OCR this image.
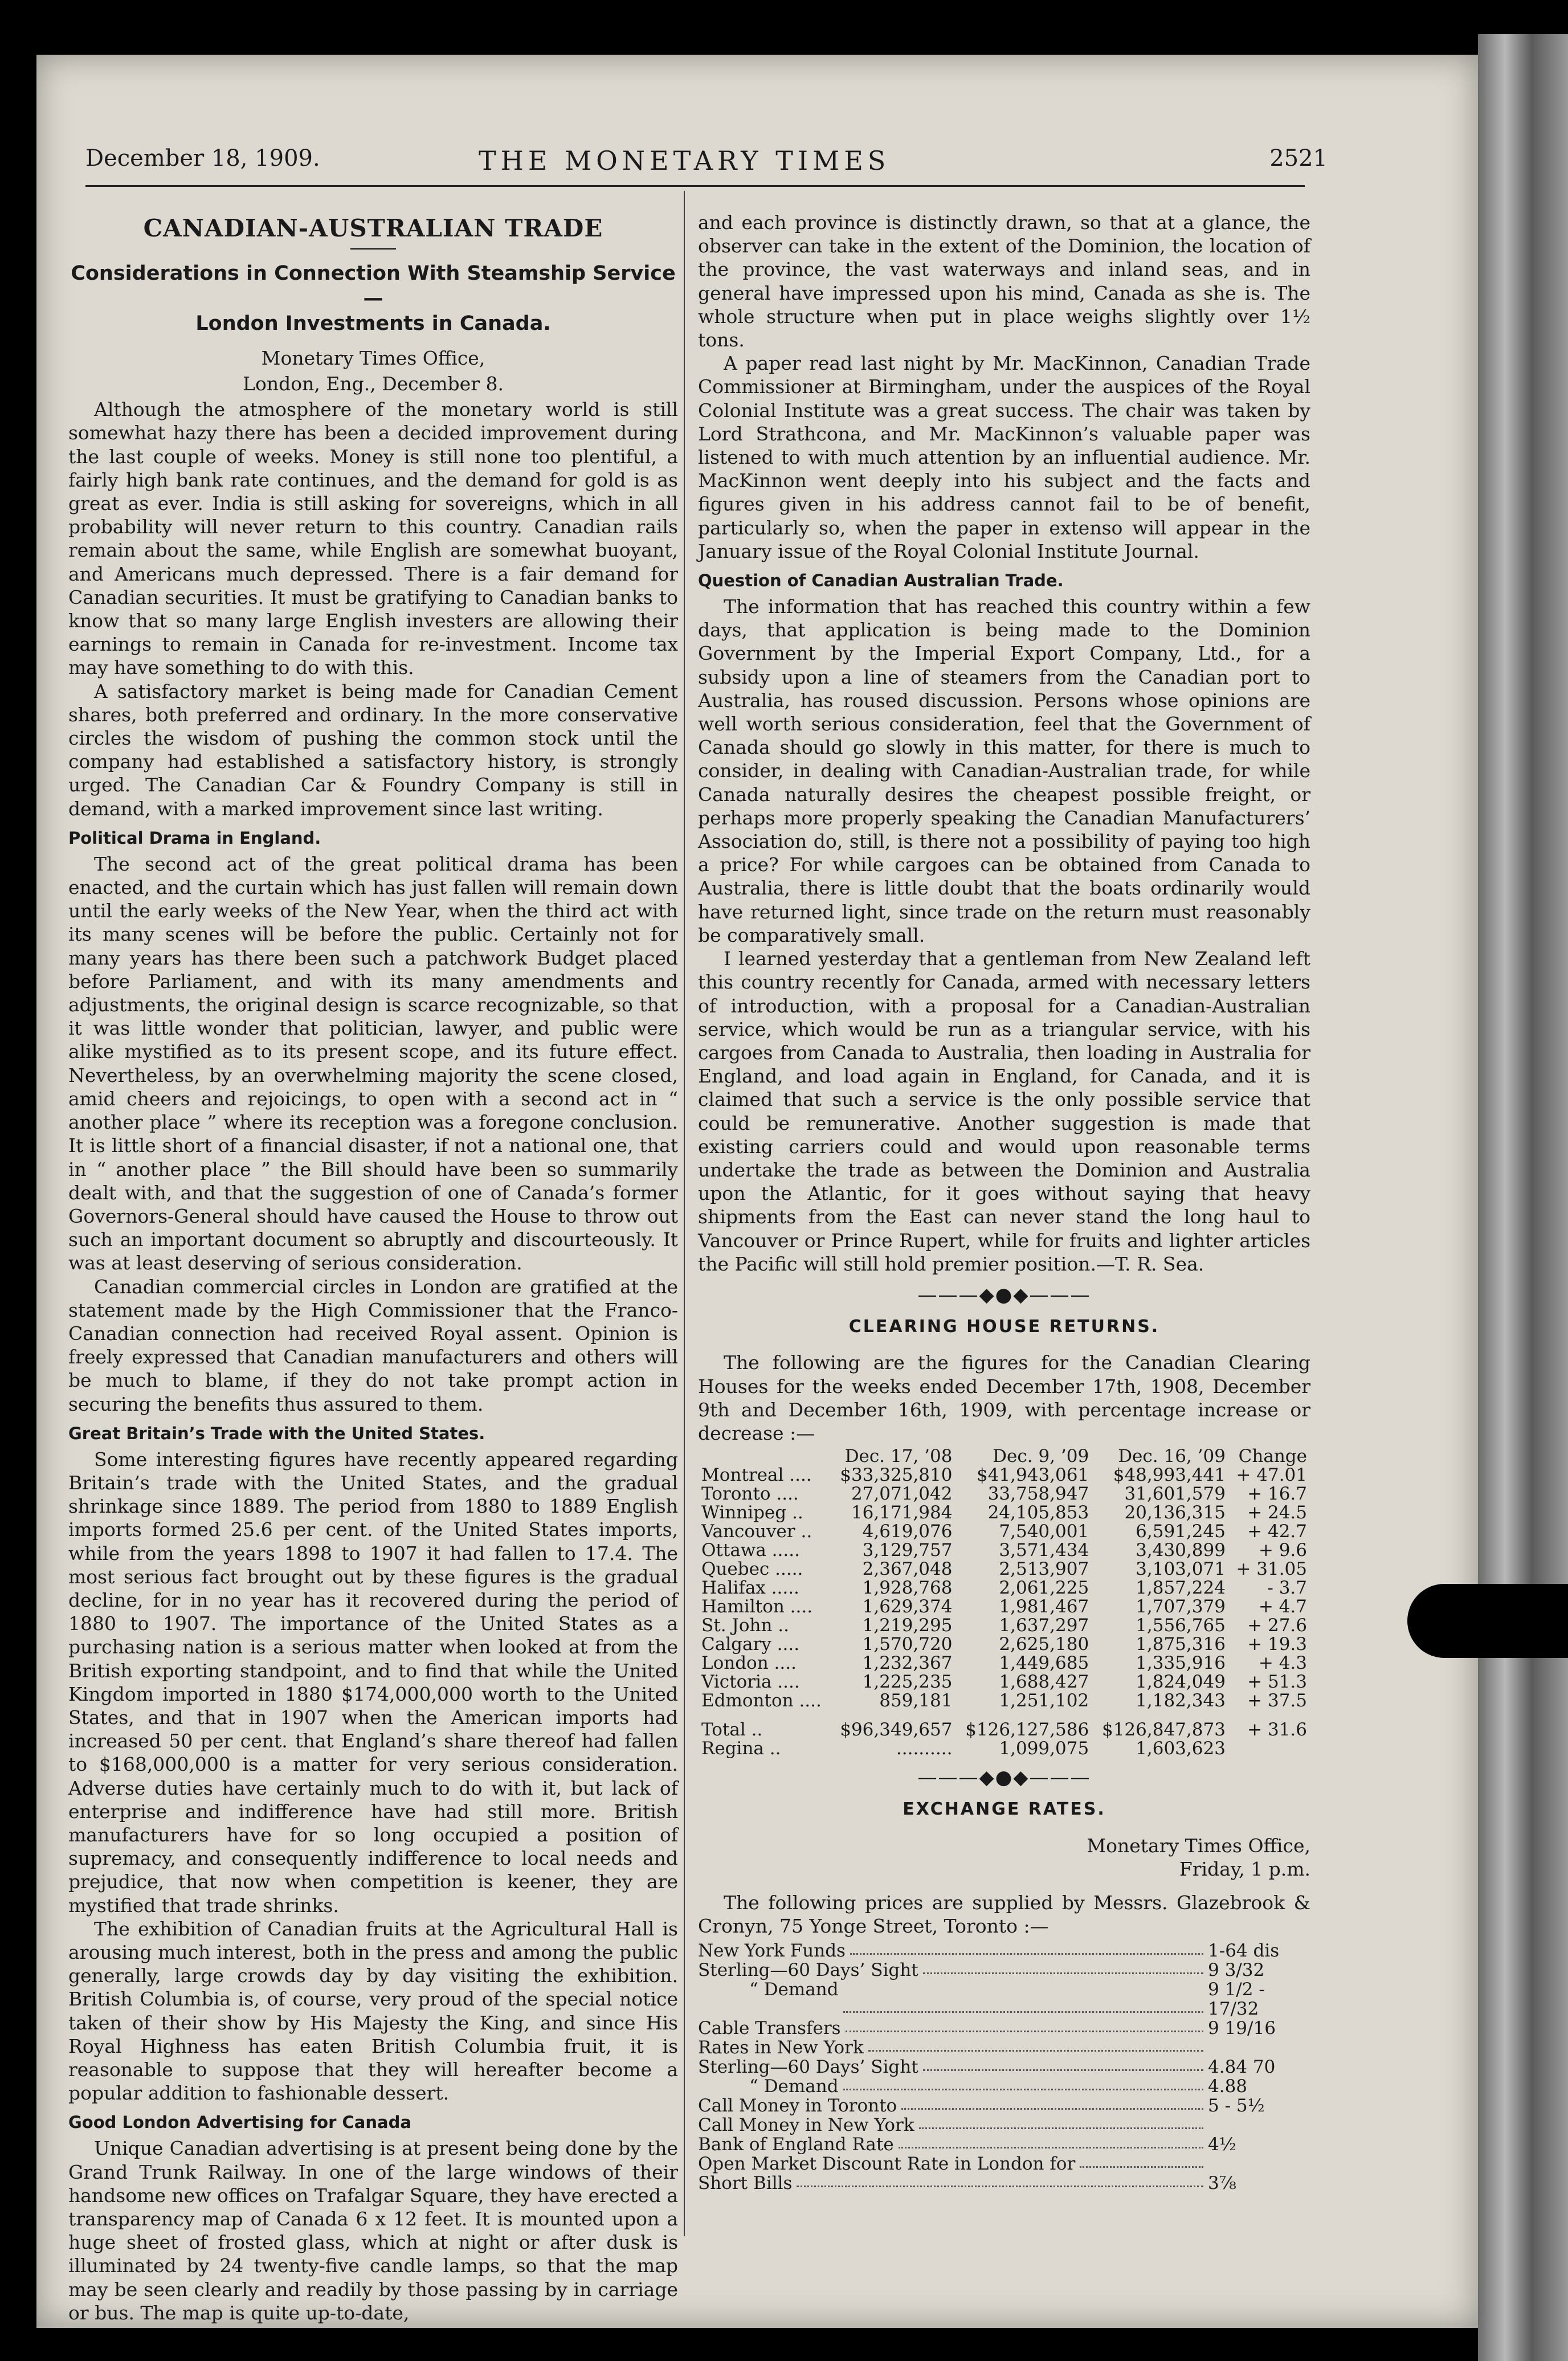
December 18, 1909.	THE MONETARY TIMES	2521
CANADIAN-AUSTRALIAN TRADE
Considerations in Connection With Steamship Service—
London Investments in Canada.
Monetary Times Office,
London, Eng., December 8.

Although the atmosphere of the monetary world is still somewhat hazy there has been a decided improvement during the last couple of weeks. Money is still none too plentiful, a fairly high bank rate continues, and the demand for gold is as great as ever. India is still asking for sovereigns, which in all probability will never return to this country. Canadian rails remain about the same, while English are somewhat buoyant, and Americans much depressed. There is a fair demand for Canadian securities. It must be gratifying to Canadian banks to know that so many large English investers are allowing their earnings to remain in Canada for re-investment. Income tax may have something to do with this.

A satisfactory market is being made for Canadian Cement shares, both preferred and ordinary. In the more conservative circles the wisdom of pushing the common stock until the company had established a satisfactory history, is strongly urged. The Canadian Car & Foundry Company is still in demand, with a marked improvement since last writing.

Political Drama in England.

The second act of the great political drama has been enacted, and the curtain which has just fallen will remain down until the early weeks of the New Year, when the third act with its many scenes will be before the public. Certainly not for many years has there been such a patchwork Budget placed before Parliament, and with its many amendments and adjustments, the original design is scarce recognizable, so that it was little wonder that politician, lawyer, and public were alike mystified as to its present scope, and its future effect. Nevertheless, by an overwhelming majority the scene closed, amid cheers and rejoicings, to open with a second act in “ another place ” where its reception was a foregone conclusion. It is little short of a financial disaster, if not a national one, that in “ another place ” the Bill should have been so summarily dealt with, and that the suggestion of one of Canada’s former Governors-General should have caused the House to throw out such an important document so abruptly and discourteously. It was at least deserving of serious consideration.

Canadian commercial circles in London are gratified at the statement made by the High Commissioner that the Franco-Canadian connection had received Royal assent. Opinion is freely expressed that Canadian manufacturers and others will be much to blame, if they do not take prompt action in securing the benefits thus assured to them.

Great Britain’s Trade with the United States.

Some interesting figures have recently appeared regarding Britain’s trade with the United States, and the gradual shrinkage since 1889. The period from 1880 to 1889 English imports formed 25.6 per cent. of the United States imports, while from the years 1898 to 1907 it had fallen to 17.4. The most serious fact brought out by these figures is the gradual decline, for in no year has it recovered during the period of 1880 to 1907. The importance of the United States as a purchasing nation is a serious matter when looked at from the British exporting standpoint, and to find that while the United Kingdom imported in 1880 $174,000,000 worth to the United States, and that in 1907 when the American imports had increased 50 per cent. that England’s share thereof had fallen to $168,000,000 is a matter for very serious consideration. Adverse duties have certainly much to do with it, but lack of enterprise and indifference have had still more. British manufacturers have for so long occupied a position of supremacy, and consequently indifference to local needs and prejudice, that now when competition is keener, they are mystified that trade shrinks.

The exhibition of Canadian fruits at the Agricultural Hall is arousing much interest, both in the press and among the public generally, large crowds day by day visiting the exhibition. British Columbia is, of course, very proud of the special notice taken of their show by His Majesty the King, and since His Royal Highness has eaten British Columbia fruit, it is reasonable to suppose that they will hereafter become a popular addition to fashionable dessert.

Good London Advertising for Canada

Unique Canadian advertising is at present being done by the Grand Trunk Railway. In one of the large windows of their handsome new offices on Trafalgar Square, they have erected a transparency map of Canada 6 x 12 feet. It is mounted upon a huge sheet of frosted glass, which at night or after dusk is illuminated by 24 twenty-five candle lamps, so that the map may be seen clearly and readily by those passing by in carriage or bus. The map is quite up-to-date,

and each province is distinctly drawn, so that at a glance, the observer can take in the extent of the Dominion, the location of the province, the vast waterways and inland seas, and in general have impressed upon his mind, Canada as she is. The whole structure when put in place weighs slightly over 1½ tons.

A paper read last night by Mr. MacKinnon, Canadian Trade Commissioner at Birmingham, under the auspices of the Royal Colonial Institute was a great success. The chair was taken by Lord Strathcona, and Mr. MacKinnon’s valuable paper was listened to with much attention by an influential audience. Mr. MacKinnon went deeply into his subject and the facts and figures given in his address cannot fail to be of benefit, particularly so, when the paper in extenso will appear in the January issue of the Royal Colonial Institute Journal.

Question of Canadian Australian Trade.

The information that has reached this country within a few days, that application is being made to the Dominion Government by the Imperial Export Company, Ltd., for a subsidy upon a line of steamers from the Canadian port to Australia, has roused discussion. Persons whose opinions are well worth serious consideration, feel that the Government of Canada should go slowly in this matter, for there is much to consider, in dealing with Canadian-Australian trade, for while Canada naturally desires the cheapest possible freight, or perhaps more properly speaking the Canadian Manufacturers’ Association do, still, is there not a possibility of paying too high a price? For while cargoes can be obtained from Canada to Australia, there is little doubt that the boats ordinarily would have returned light, since trade on the return must reasonably be comparatively small.

I learned yesterday that a gentleman from New Zealand left this country recently for Canada, armed with necessary letters of introduction, with a proposal for a Canadian-Australian service, which would be run as a triangular service, with his cargoes from Canada to Australia, then loading in Australia for England, and load again in England, for Canada, and it is claimed that such a service is the only possible service that could be remunerative. Another suggestion is made that existing carriers could and would upon reasonable terms undertake the trade as between the Dominion and Australia upon the Atlantic, for it goes without saying that heavy shipments from the East can never stand the long haul to Vancouver or Prince Rupert, while for fruits and lighter articles the Pacific will still hold premier position.—T. R. Sea.

———◆●◆———
CLEARING HOUSE RETURNS.

The following are the figures for the Canadian Clearing Houses for the weeks ended December 17th, 1908, December 9th and December 16th, 1909, with percentage increase or decrease :—

	Dec. 17, ’08	Dec. 9, ’09	Dec. 16, ’09	Change
Montreal ....	$33,325,810	$41,943,061	$48,993,441	+ 47.01
Toronto ....	27,071,042	33,758,947	31,601,579	+ 16.7
Winnipeg ..	16,171,984	24,105,853	20,136,315	+ 24.5
Vancouver ..	4,619,076	7,540,001	6,591,245	+ 42.7
Ottawa .....	3,129,757	3,571,434	3,430,899	+ 9.6
Quebec .....	2,367,048	2,513,907	3,103,071	+ 31.05
Halifax .....	1,928,768	2,061,225	1,857,224	- 3.7
Hamilton ....	1,629,374	1,981,467	1,707,379	+ 4.7
St. John ..	1,219,295	1,637,297	1,556,765	+ 27.6
Calgary ....	1,570,720	2,625,180	1,875,316	+ 19.3
London ....	1,232,367	1,449,685	1,335,916	+ 4.3
Victoria ....	1,225,235	1,688,427	1,824,049	+ 51.3
Edmonton ....	859,181	1,251,102	1,182,343	+ 37.5
Total ..	$96,349,657	$126,127,586	$126,847,873	+ 31.6
Regina ..	..........	1,099,075	1,603,623	
———◆●◆———
EXCHANGE RATES.
Monetary Times Office,
Friday, 1 p.m.

The following prices are supplied by Messrs. Glazebrook & Cronyn, 75 Yonge Street, Toronto :—

New York Funds	1-64 dis
Sterling—60 Days’ Sight	9 3/32
“ Demand	9 1/2 - 17/32
Cable Transfers	9 19/16
Rates in New York
Sterling—60 Days’ Sight	4.84 70
“ Demand	4.88
Call Money in Toronto	5 - 5½
Call Money in New York
Bank of England Rate	4½
Open Market Discount Rate in London for
Short Bills	3⅞
